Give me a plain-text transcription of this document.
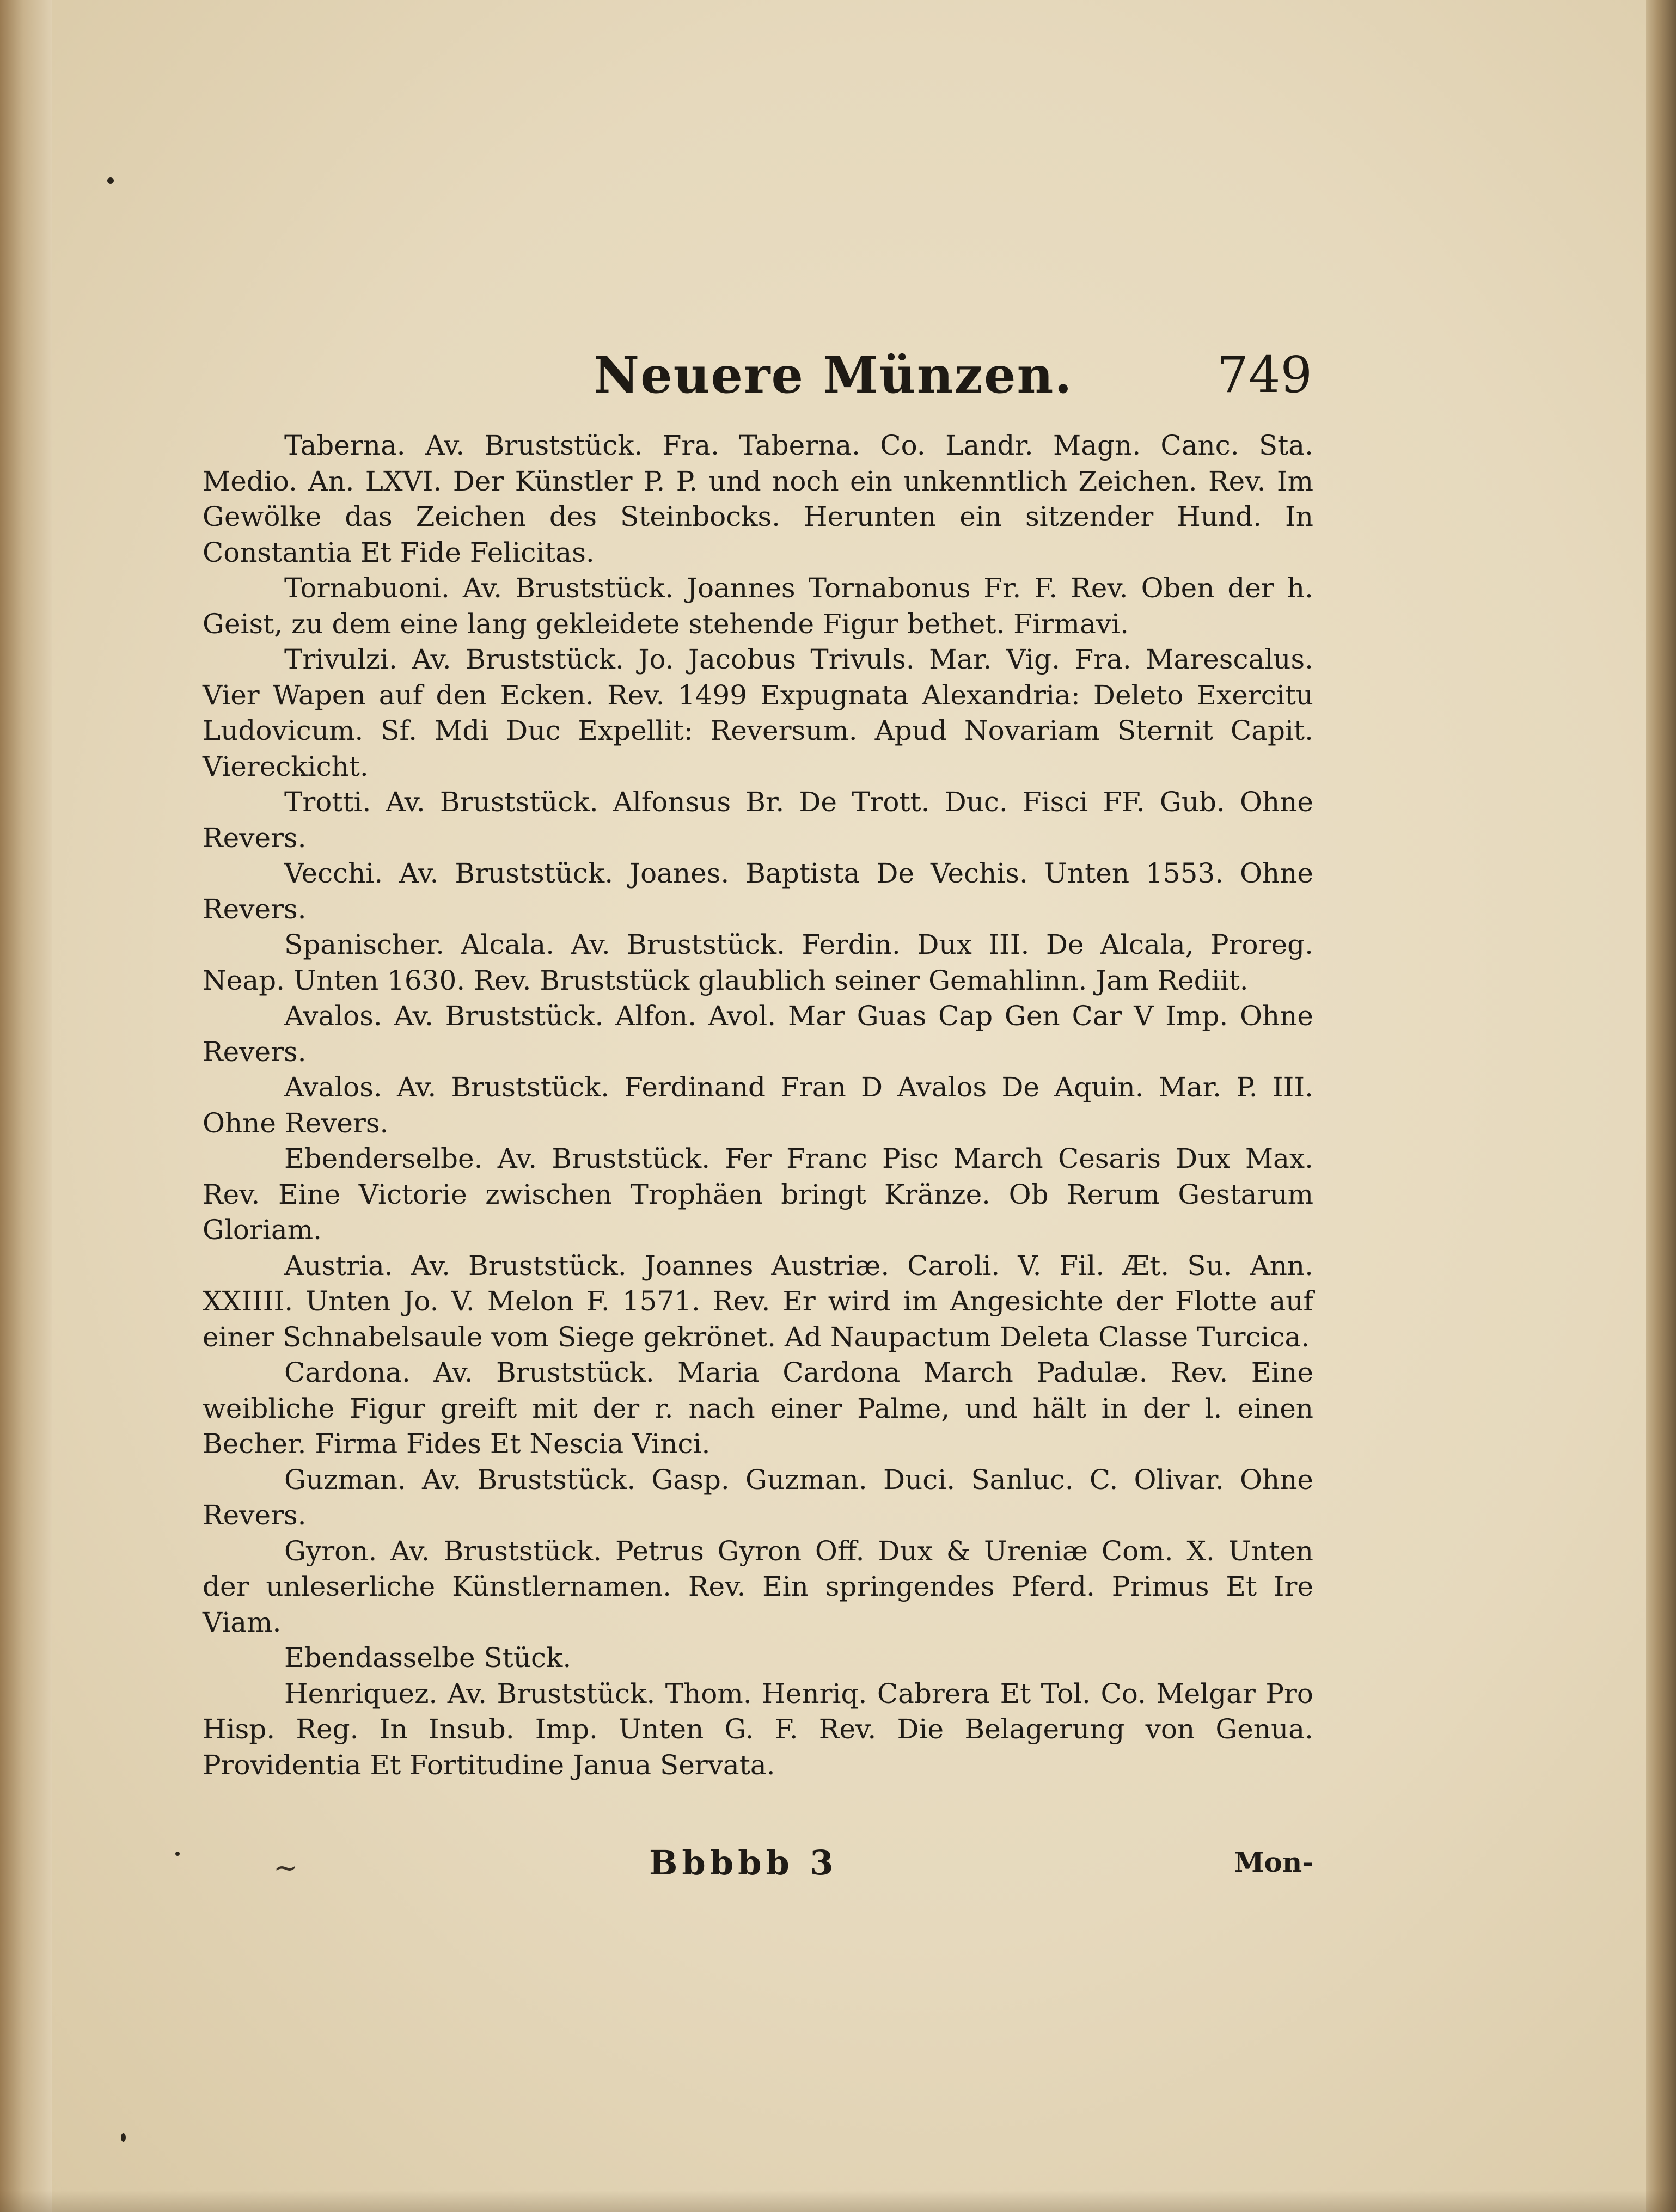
Neuere Münzen.	749

Taberna. Av. Bruststück. Fra. Taberna. Co. Landr. Magn. Canc. Sta. Medio. An. LXVI. Der Künstler P. P. und noch ein unkenntlich Zeichen. Rev. Im Gewölke das Zeichen des Steinbocks. Herunten ein sitzender Hund. In Constantia Et Fide Felicitas.

Tornabuoni. Av. Bruststück. Joannes Tornabonus Fr. F. Rev. Oben der h. Geist, zu dem eine lang gekleidete stehende Figur bethet. Firmavi.

Trivulzi. Av. Bruststück. Jo. Jacobus Trivuls. Mar. Vig. Fra. Marescalus. Vier Wapen auf den Ecken. Rev. 1499 Expugnata Alexandria: Deleto Exercitu Ludovicum. Sf. Mdi Duc Expellit: Reversum. Apud Novariam Sternit Capit. Viereckicht.

Trotti. Av. Bruststück. Alfonsus Br. De Trott. Duc. Fisci FF. Gub. Ohne Revers.

Vecchi. Av. Bruststück. Joanes. Baptista De Vechis. Unten 1553. Ohne Revers.

Spanischer. Alcala. Av. Bruststück. Ferdin. Dux III. De Alcala, Proreg. Neap. Unten 1630. Rev. Bruststück glaublich seiner Gemahlinn. Jam Rediit.

Avalos. Av. Bruststück. Alfon. Avol. Mar Guas Cap Gen Car V Imp. Ohne Revers.

Avalos. Av. Bruststück. Ferdinand Fran D Avalos De Aquin. Mar. P. III. Ohne Revers.

Ebenderselbe. Av. Bruststück. Fer Franc Pisc March Cesaris Dux Max. Rev. Eine Victorie zwischen Trophäen bringt Kränze. Ob Rerum Gestarum Gloriam.

Austria. Av. Bruststück. Joannes Austriæ. Caroli. V. Fil. Æt. Su. Ann. XXIIII. Unten Jo. V. Melon F. 1571. Rev. Er wird im Angesichte der Flotte auf einer Schnabelsaule vom Siege gekrönet. Ad Naupactum Deleta Classe Turcica.

Cardona. Av. Bruststück. Maria Cardona March Padulæ. Rev. Eine weibliche Figur greift mit der r. nach einer Palme, und hält in der l. einen Becher. Firma Fides Et Nescia Vinci.

Guzman. Av. Bruststück. Gasp. Guzman. Duci. Sanluc. C. Olivar. Ohne Revers.

Gyron. Av. Bruststück. Petrus Gyron Off. Dux & Ureniæ Com. X. Unten der unleserliche Künstlernamen. Rev. Ein springendes Pferd. Primus Et Ire Viam.

Ebendasselbe Stück.

Henriquez. Av. Bruststück. Thom. Henriq. Cabrera Et Tol. Co. Melgar Pro Hisp. Reg. In Insub. Imp. Unten G. F. Rev. Die Belagerung von Genua. Providentia Et Fortitudine Janua Servata.

~	Bbbbb 3	Mon-
